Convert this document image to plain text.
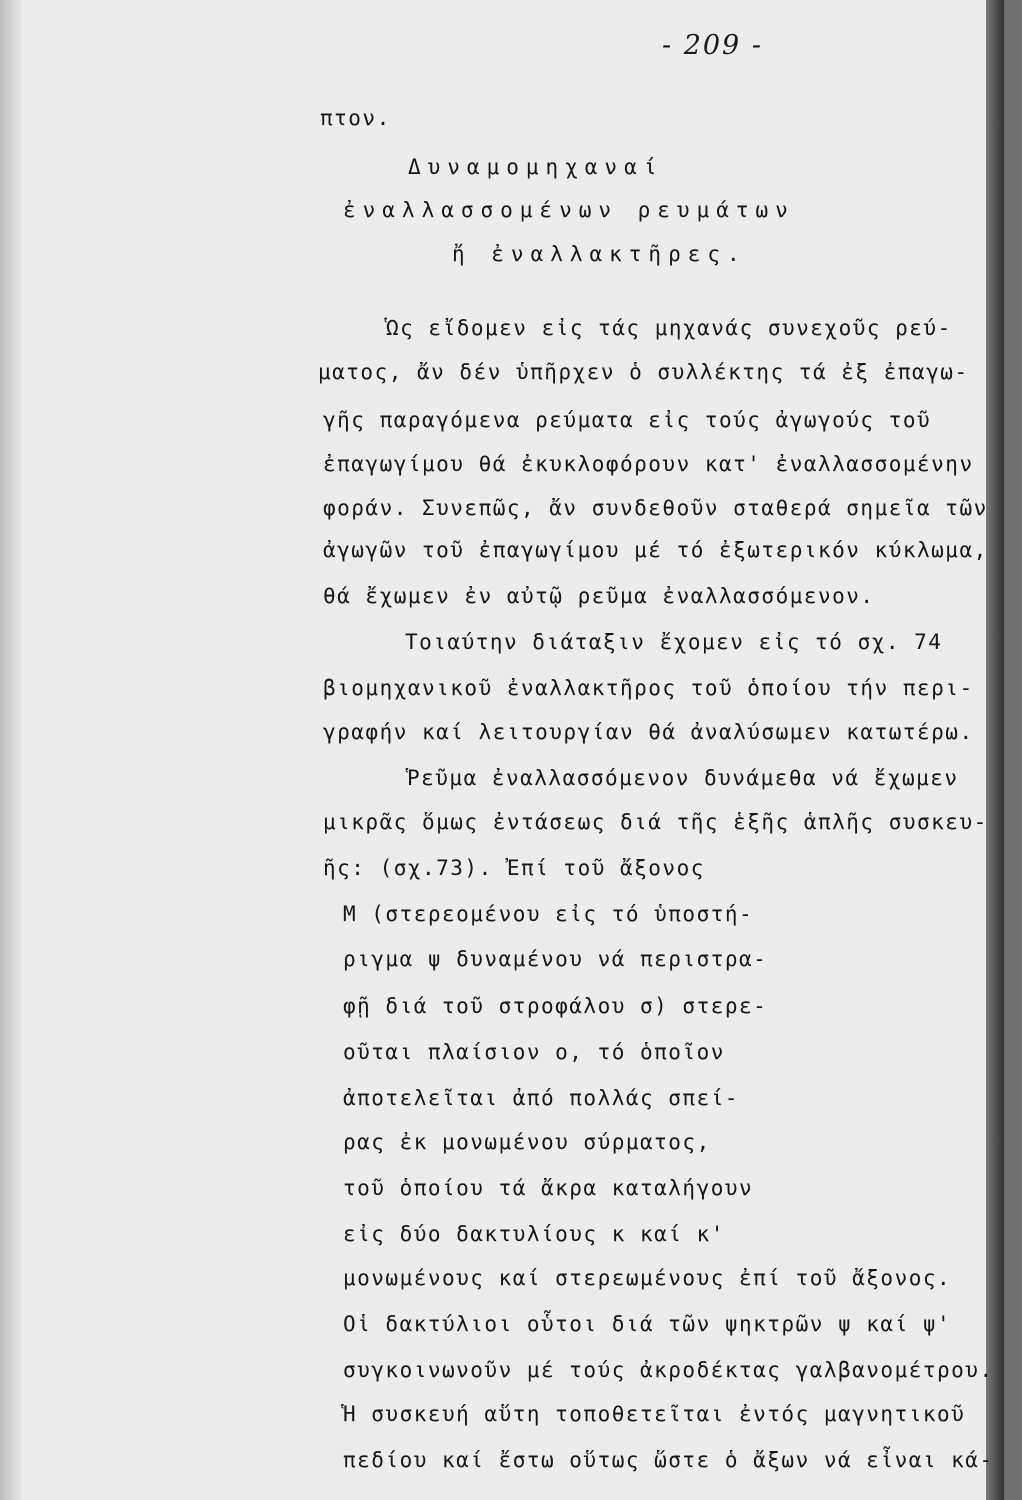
- 209 -
πτον.
Δυναμομηχαναί
ἐναλλασσομένων ρευμάτων
ἤ ἐναλλακτῆρες.
Ὡς εἴδομεν εἰς τάς μηχανάς συνεχοῦς ρεύ-
ματος, ἄν δέν ὑπῆρχεν ὁ συλλέκτης τά ἐξ ἐπαγω-
γῆς παραγόμενα ρεύματα εἰς τούς ἀγωγούς τοῦ
ἐπαγωγίμου θά ἐκυκλοφόρουν κατ' ἐναλλασσομένην
φοράν. Συνεπῶς, ἄν συνδεθοῦν σταθερά σημεῖα τῶν
ἀγωγῶν τοῦ ἐπαγωγίμου μέ τό ἐξωτερικόν κύκλωμα,
θά ἔχωμεν ἐν αὐτῷ ρεῦμα ἐναλλασσόμενον.
Τοιαύτην διάταξιν ἔχομεν εἰς τό σχ. 74
βιομηχανικοῦ ἐναλλακτῆρος τοῦ ὁποίου τήν περι-
γραφήν καί λειτουργίαν θά ἀναλύσωμεν κατωτέρω.
Ῥεῦμα ἐναλλασσόμενον δυνάμεθα νά ἔχωμεν
μικρᾶς ὅμως ἐντάσεως διά τῆς ἑξῆς ἁπλῆς συσκευ-
ῆς: (σχ.73). Ἐπί τοῦ ἄξονος
Μ (στερεομένου εἰς τό ὑποστή-
ριγμα ψ δυναμένου νά περιστρα-
φῇ διά τοῦ στροφάλου σ) στερε-
οῦται πλαίσιον ο, τό ὁποῖον
ἀποτελεῖται ἀπό πολλάς σπεί-
ρας ἐκ μονωμένου σύρματος,
τοῦ ὁποίου τά ἄκρα καταλήγουν
εἰς δύο δακτυλίους κ καί κ'
μονωμένους καί στερεωμένους ἐπί τοῦ ἄξονος.
Οἱ δακτύλιοι οὗτοι διά τῶν ψηκτρῶν ψ καί ψ'
συγκοινωνοῦν μέ τούς ἀκροδέκτας γαλβανομέτρου.
Ἡ συσκευή αὕτη τοποθετεῖται ἐντός μαγνητικοῦ
πεδίου καί ἔστω οὕτως ὥστε ὁ ἄξων νά εἶναι κά-
